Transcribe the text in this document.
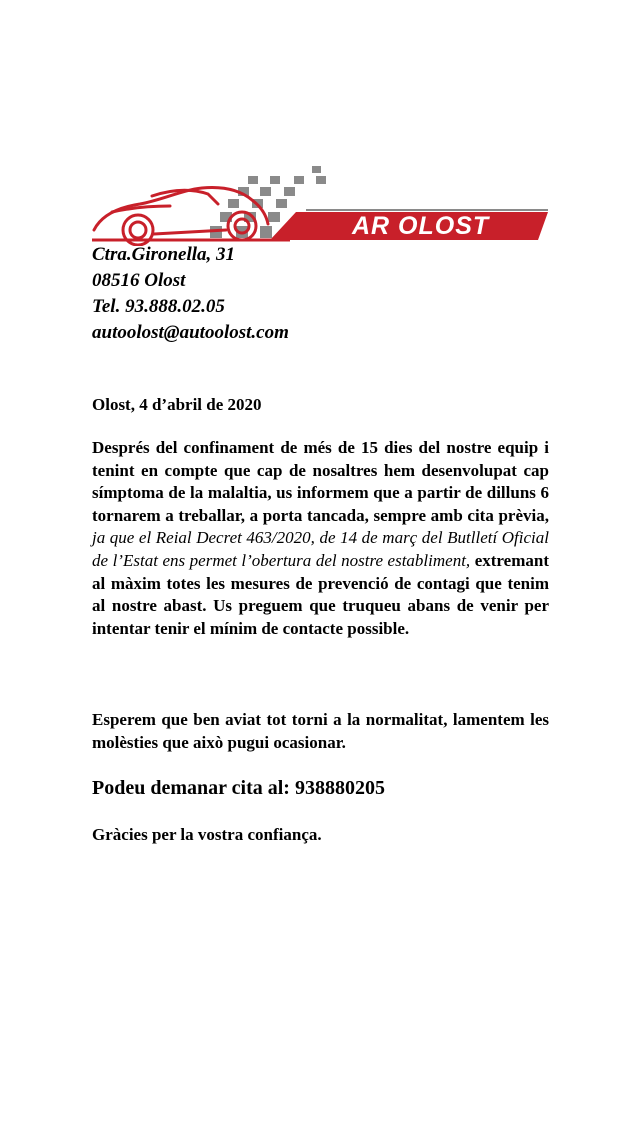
AR OLOST
Ctra.Gironella, 31
08516 Olost
Tel. 93.888.02.05
autoolost@autoolost.com
Olost, 4 d’abril de 2020

Després del confinament de més de 15 dies del nostre equip i tenint en compte que cap de nosaltres hem desenvolupat cap símptoma de la malaltia, us informem que a partir de dilluns 6 tornarem a treballar, a porta tancada, sempre amb cita prèvia, ja que el Reial Decret 463/2020, de 14 de març del Butlletí Oficial de l’Estat ens permet l’obertura del nostre establiment, extremant al màxim totes les mesures de prevenció de contagi que tenim al nostre abast. Us preguem que truqueu abans de venir per intentar tenir el mínim de contacte possible.

Esperem que ben aviat tot torni a la normalitat, lamentem les molèsties que això pugui ocasionar.

Podeu demanar cita al: 938880205
Gràcies per la vostra confiança.
